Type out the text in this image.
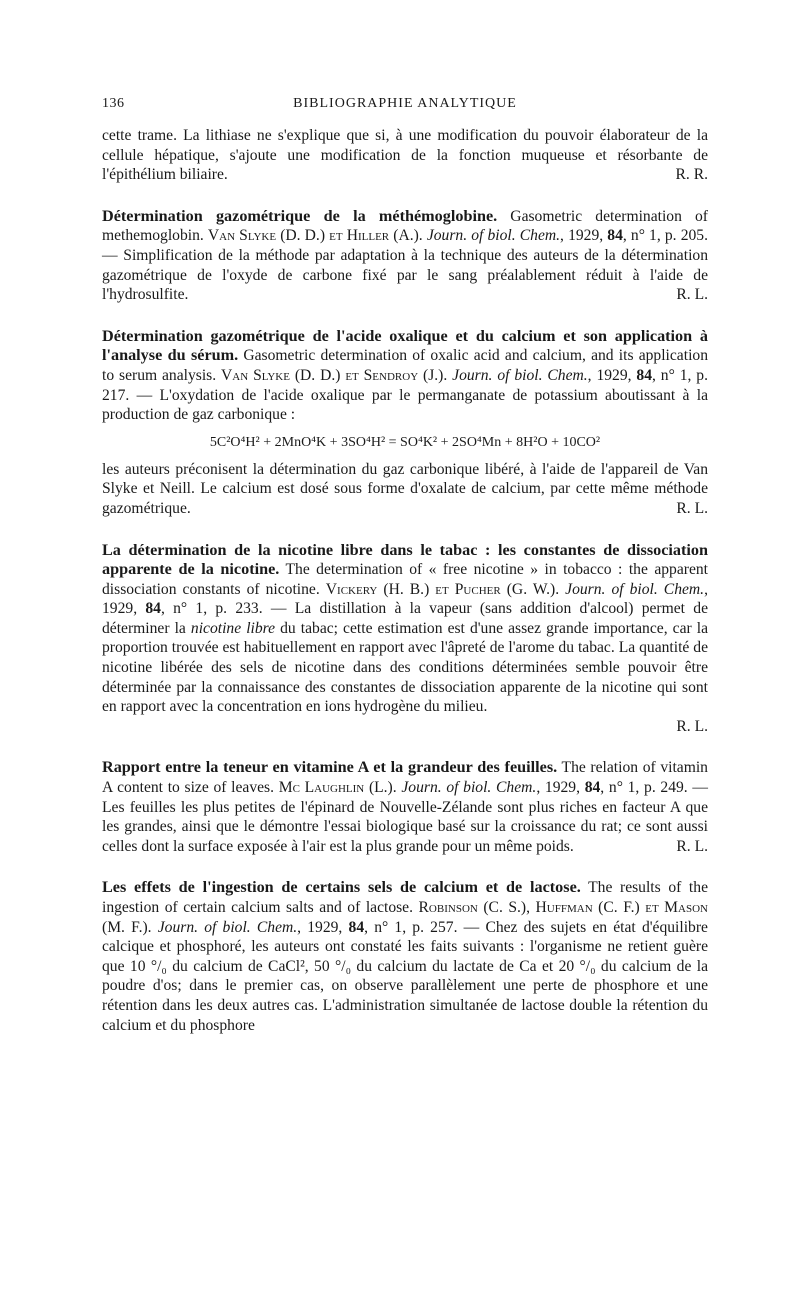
136	BIBLIOGRAPHIE ANALYTIQUE

cette trame. La lithiase ne s'explique que si, à une modification du pouvoir élaborateur de la cellule hépatique, s'ajoute une modification de la fonction muqueuse et résorbante de l'épithélium biliaire.	R. R.

Détermination gazométrique de la méthémoglobine. Gasometric determination of methemoglobin. Van Slyke (D. D.) et Hiller (A.). Journ. of biol. Chem., 1929, 84, n° 1, p. 205. — Simplification de la méthode par adaptation à la technique des auteurs de la détermination gazométrique de l'oxyde de carbone fixé par le sang préalablement réduit à l'aide de l'hydrosulfite.	R. L.

Détermination gazométrique de l'acide oxalique et du calcium et son application à l'analyse du sérum. Gasometric determination of oxalic acid and calcium, and its application to serum analysis. Van Slyke (D. D.) et Sendroy (J.). Journ. of biol. Chem., 1929, 84, n° 1, p. 217. — L'oxydation de l'acide oxalique par le permanganate de potassium aboutissant à la production de gaz carbonique :

5C²O⁴H² + 2MnO⁴K + 3SO⁴H² = SO⁴K² + 2SO⁴Mn + 8H²O + 10CO²

les auteurs préconisent la détermination du gaz carbonique libéré, à l'aide de l'appareil de Van Slyke et Neill. Le calcium est dosé sous forme d'oxalate de calcium, par cette même méthode gazométrique.	R. L.

La détermination de la nicotine libre dans le tabac : les constantes de dissociation apparente de la nicotine. The determination of « free nicotine » in tobacco : the apparent dissociation constants of nicotine. Vickery (H. B.) et Pucher (G. W.). Journ. of biol. Chem., 1929, 84, n° 1, p. 233. — La distillation à la vapeur (sans addition d'alcool) permet de déterminer la nicotine libre du tabac; cette estimation est d'une assez grande importance, car la proportion trouvée est habituellement en rapport avec l'âpreté de l'arome du tabac. La quantité de nicotine libérée des sels de nicotine dans des conditions déterminées semble pouvoir être déterminée par la connaissance des constantes de dissociation apparente de la nicotine qui sont en rapport avec la concentration en ions hydrogène du milieu.

R. L.

Rapport entre la teneur en vitamine A et la grandeur des feuilles. The relation of vitamin A content to size of leaves. Mc Laughlin (L.). Journ. of biol. Chem., 1929, 84, n° 1, p. 249. — Les feuilles les plus petites de l'épinard de Nouvelle-Zélande sont plus riches en facteur A que les grandes, ainsi que le démontre l'essai biologique basé sur la croissance du rat; ce sont aussi celles dont la surface exposée à l'air est la plus grande pour un même poids.	R. L.

Les effets de l'ingestion de certains sels de calcium et de lactose. The results of the ingestion of certain calcium salts and of lactose. Robinson (C. S.), Huffman (C. F.) et Mason (M. F.). Journ. of biol. Chem., 1929, 84, n° 1, p. 257. — Chez des sujets en état d'équilibre calcique et phosphoré, les auteurs ont constaté les faits suivants : l'organisme ne retient guère que 10 °/₀ du calcium de CaCl², 50 °/₀ du calcium du lactate de Ca et 20 °/₀ du calcium de la poudre d'os; dans le premier cas, on observe parallèlement une perte de phosphore et une rétention dans les deux autres cas. L'administration simultanée de lactose double la rétention du calcium et du phosphore
